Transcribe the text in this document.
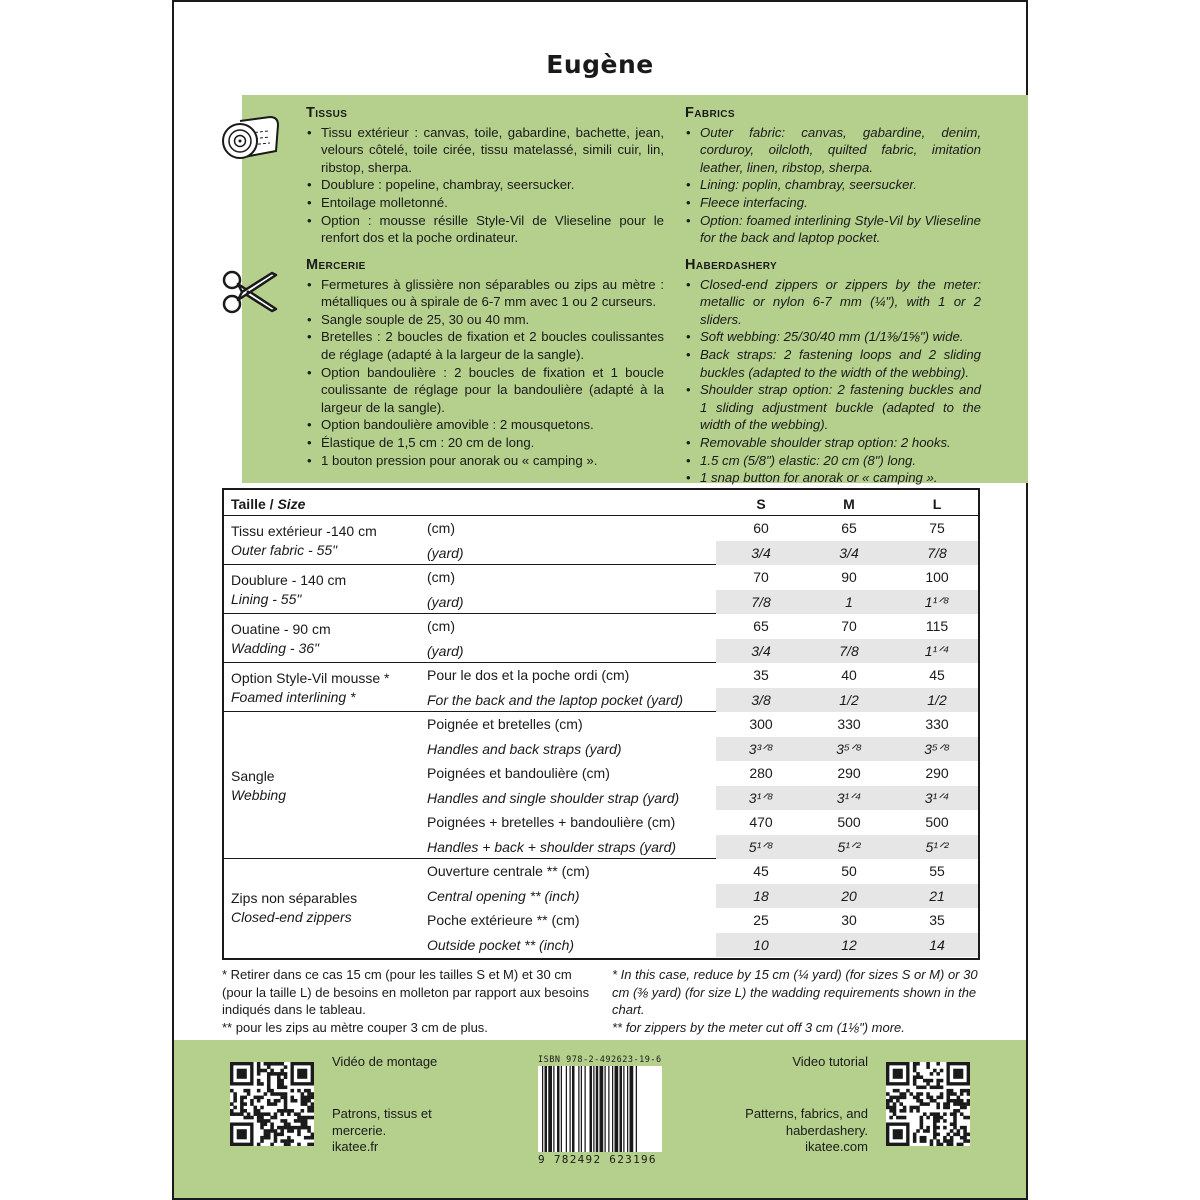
Eugène
Tissus
• Tissu extérieur : canvas, toile, gabardine, bachette, jean, velours côtelé, toile cirée, tissu matelassé, simili cuir, lin, ribstop, sherpa.
• Doublure : popeline, chambray, seersucker.
• Entoilage molletonné.
• Option : mousse résille Style-Vil de Vlieseline pour le renfort dos et la poche ordinateur.
Mercerie
• Fermetures à glissière non séparables ou zips au mètre : métalliques ou à spirale de 6-7 mm avec 1 ou 2 curseurs.
• Sangle souple de 25, 30 ou 40 mm.
• Bretelles : 2 boucles de fixation et 2 boucles coulissantes de réglage (adapté à la largeur de la sangle).
• Option bandoulière : 2 boucles de fixation et 1 boucle coulissante de réglage pour la bandoulière (adapté à la largeur de la sangle).
• Option bandoulière amovible : 2 mousquetons.
• Élastique de 1,5 cm : 20 cm de long.
• 1 bouton pression pour anorak ou « camping ».
Fabrics
• Outer fabric: canvas, gabardine, denim, corduroy, oilcloth, quilted fabric, imitation leather, linen, ribstop, sherpa.
• Lining: poplin, chambray, seersucker.
• Fleece interfacing.
• Option: foamed interlining Style-Vil by Vlieseline for the back and laptop pocket.
Haberdashery
• Closed-end zippers or zippers by the meter: metallic or nylon 6-7 mm (¼"), with 1 or 2 sliders.
• Soft webbing: 25/30/40 mm (1/1⅜/1⅝") wide.
• Back straps: 2 fastening loops and 2 sliding buckles (adapted to the width of the webbing).
• Shoulder strap option: 2 fastening buckles and 1 sliding adjustment buckle (adapted to the width of the webbing).
• Removable shoulder strap option: 2 hooks.
• 1.5 cm (5/8") elastic: 20 cm (8") long.
• 1 snap button for anorak or « camping ».
Taille / Size	S	M	L
Tissu extérieur -140 cm
Outer fabric - 55"
(cm)	60	65	75
(yard)	3/4	3/4	7/8
Doublure - 140 cm
Lining - 55"
(cm)	70	90	100
(yard)	7/8	1	1¹ᐟ⁸
Ouatine - 90 cm
Wadding - 36"
(cm)	65	70	115
(yard)	3/4	7/8	1¹ᐟ⁴
Option Style-Vil mousse *
Foamed interlining *
Pour le dos et la poche ordi (cm)	35	40	45
For the back and the laptop pocket (yard)	3/8	1/2	1/2
Sangle
Webbing
Poignée et bretelles (cm)	300	330	330
Handles and back straps (yard)	3³ᐟ⁸	3⁵ᐟ⁸	3⁵ᐟ⁸
Poignées et bandoulière (cm)	280	290	290
Handles and single shoulder strap (yard)	3¹ᐟ⁸	3¹ᐟ⁴	3¹ᐟ⁴
Poignées + bretelles + bandoulière (cm)	470	500	500
Handles + back + shoulder straps (yard)	5¹ᐟ⁸	5¹ᐟ²	5¹ᐟ²
Zips non séparables
Closed-end zippers
Ouverture centrale ** (cm)	45	50	55
Central opening ** (inch)	18	20	21
Poche extérieure ** (cm)	25	30	35
Outside pocket ** (inch)	10	12	14
* Retirer dans ce cas 15 cm (pour les tailles S et M) et 30 cm (pour la taille L) de besoins en molleton par rapport aux besoins indiqués dans le tableau.
** pour les zips au mètre couper 3 cm de plus.
* In this case, reduce by 15 cm (¼ yard) (for sizes S or M) or 30 cm (⅜ yard) (for size L) the wadding requirements shown in the chart.
** for zippers by the meter cut off 3 cm (1⅛") more.
Vidéo de montage
Patrons, tissus et mercerie.
ikatee.fr
ISBN 978-2-492623-19-6
9 782492 623196
Video tutorial
Patterns, fabrics, and haberdashery.
ikatee.com
